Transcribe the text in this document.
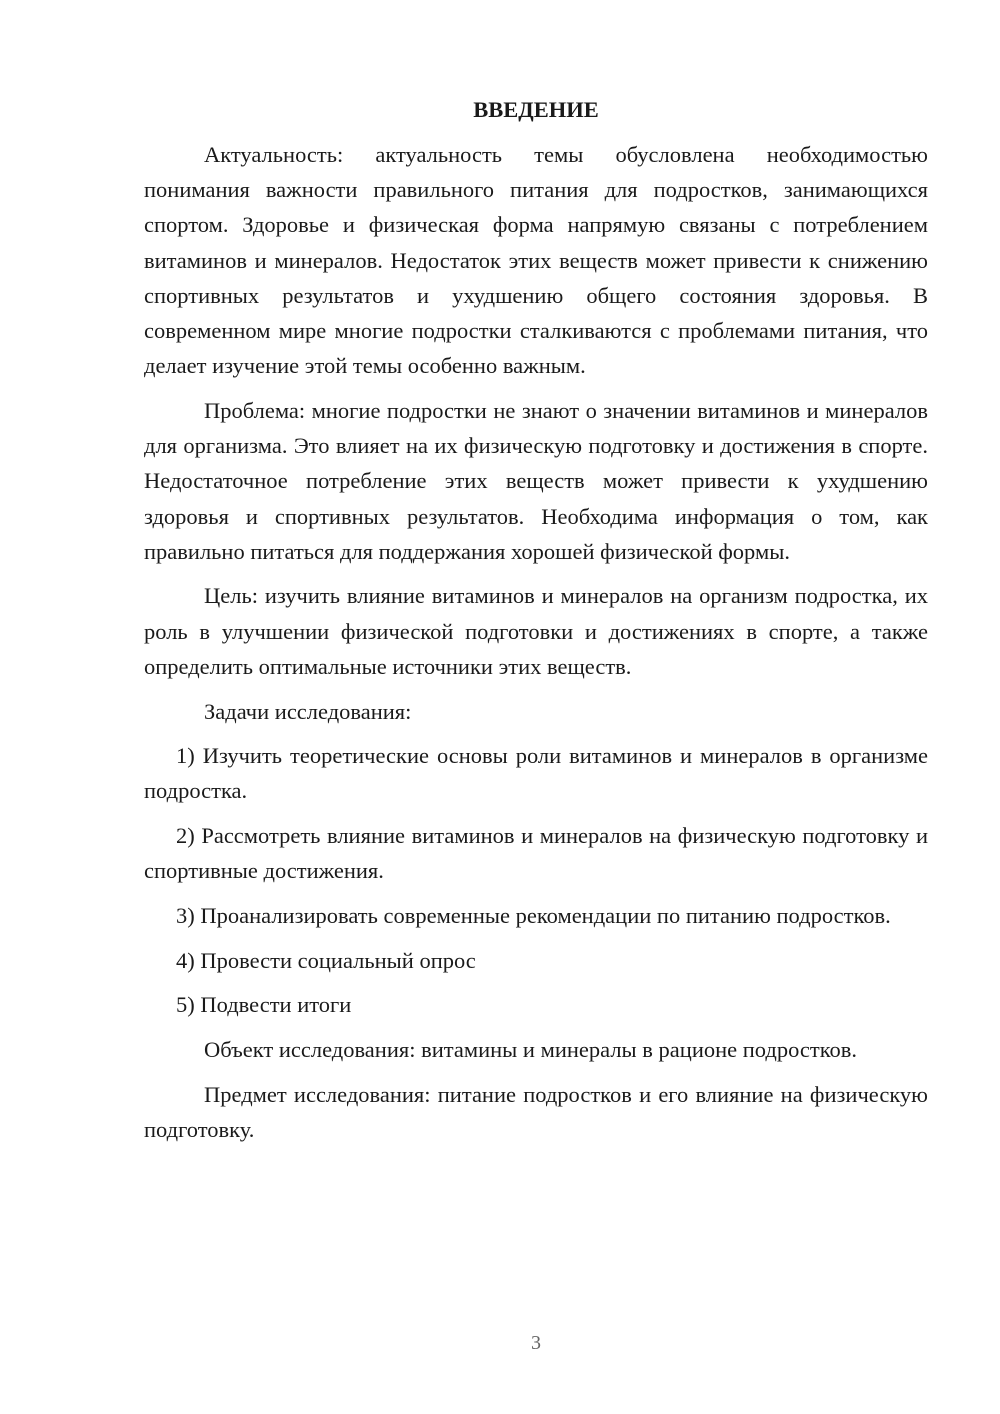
ВВЕДЕНИЕ

Актуальность: актуальность темы обусловлена необходимостью понимания важности правильного питания для подростков, занимающихся спортом. Здоровье и физическая форма напрямую связаны с потреблением витаминов и минералов. Недостаток этих веществ может привести к снижению спортивных результатов и ухудшению общего состояния здоровья. В современном мире многие подростки сталкиваются с проблемами питания, что делает изучение этой темы особенно важным.

Проблема: многие подростки не знают о значении витаминов и минералов для организма. Это влияет на их физическую подготовку и достижения в спорте. Недостаточное потребление этих веществ может привести к ухудшению здоровья и спортивных результатов. Необходима информация о том, как правильно питаться для поддержания хорошей физической формы.

Цель: изучить влияние витаминов и минералов на организм подростка, их роль в улучшении физической подготовки и достижениях в спорте, а также определить оптимальные источники этих веществ.

Задачи исследования:

1) Изучить теоретические основы роли витаминов и минералов в организме подростка.

2) Рассмотреть влияние витаминов и минералов на физическую подготовку и спортивные достижения.

3) Проанализировать современные рекомендации по питанию подростков.

4) Провести социальный опрос

5) Подвести итоги

Объект исследования: витамины и минералы в рационе подростков.

Предмет исследования: питание подростков и его влияние на физическую подготовку.

3
